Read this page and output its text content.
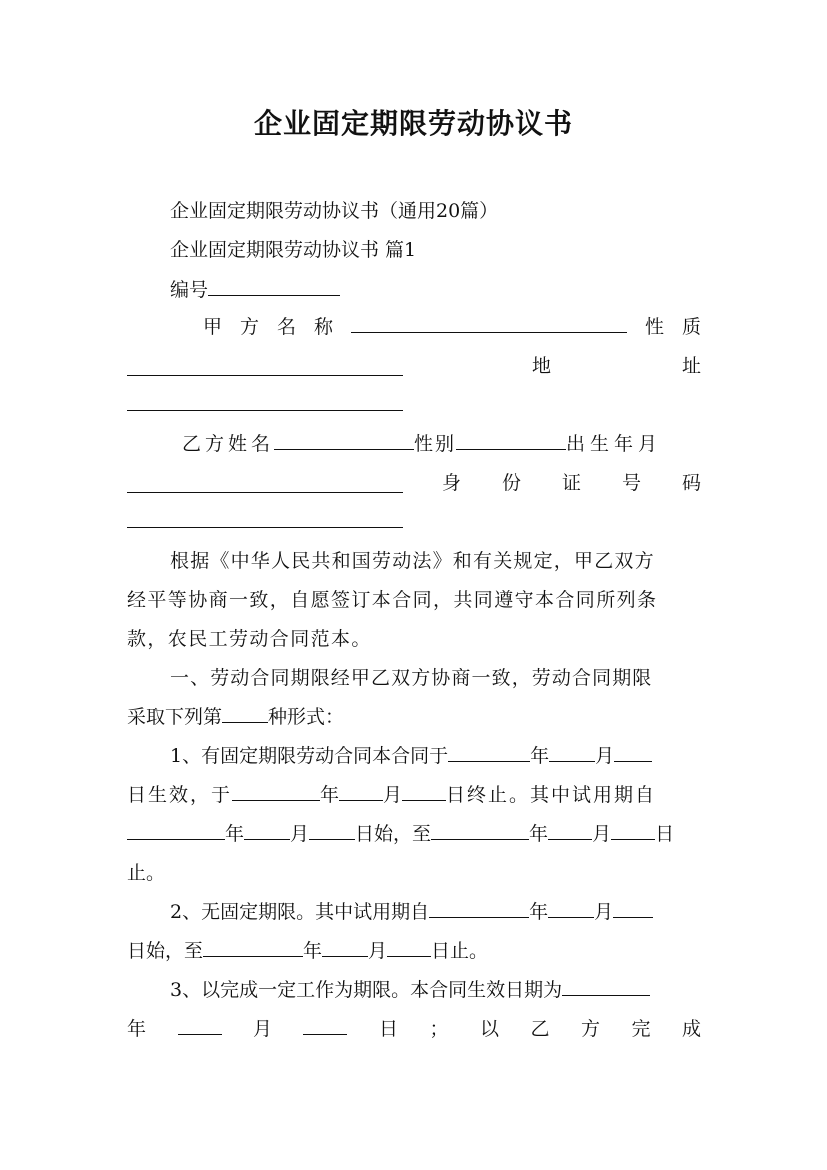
企业固定期限劳动协议书
企业固定期限劳动协议书（通用20篇）
企业固定期限劳动协议书 篇1
编号
甲 方 名 称	性 质
地	址
乙方姓名	性别	出生年月
身 份 证 号 码
根据《中华人民共和国劳动法》和有关规定，甲乙双方
经平等协商一致，自愿签订本合同，共同遵守本合同所列条
款，农民工劳动合同范本。
一、劳动合同期限经甲乙双方协商一致，劳动合同期限
采取下列第 种形式：
1、有固定期限劳动合同本合同于	年 月
日生效，于	年 月 日终止。其中试用期自
年 月 日始，至	年 月 日
止。
2、无固定期限。其中试用期自	年 月
日始，至	年 月 日止。
3、以完成一定工作为期限。本合同生效日期为
年	月	日 ； 以 乙 方 完 成
